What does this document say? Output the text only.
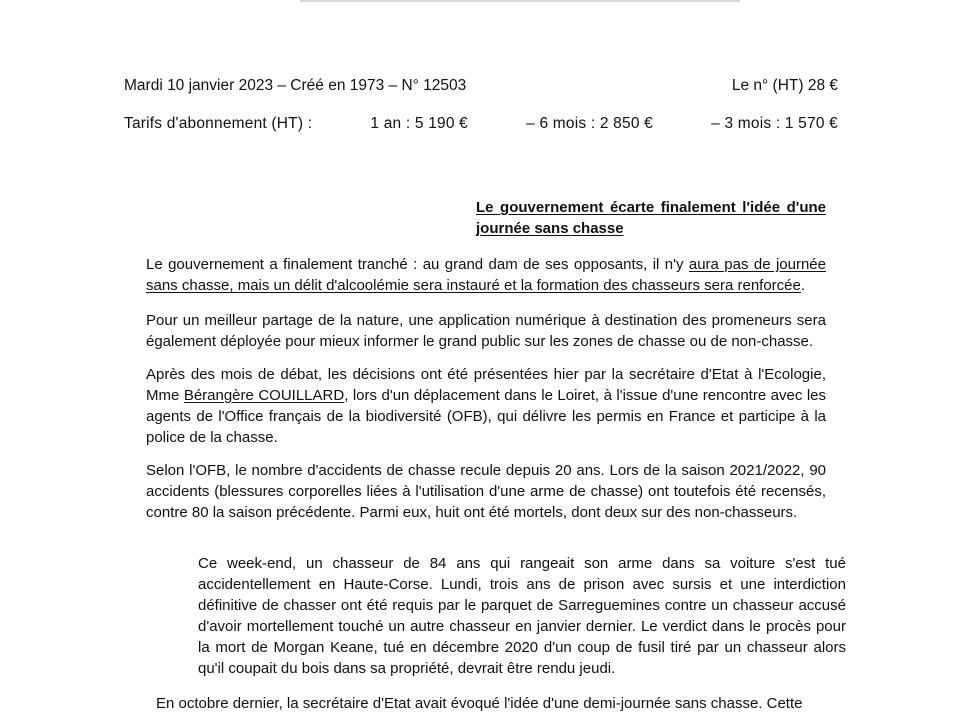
Mardi 10 janvier 2023 – Créé en 1973 – N° 12503	Le n° (HT) 28 €
Tarifs d'abonnement (HT) :	1 an : 5 190 €	– 6 mois : 2 850 €	– 3 mois : 1 570 €
Le gouvernement écarte finalement l'idée d'une journée sans chasse

Le gouvernement a finalement tranché : au grand dam de ses opposants, il n'y aura pas de journée sans chasse, mais un délit d'alcoolémie sera instauré et la formation des chasseurs sera renforcée.

Pour un meilleur partage de la nature, une application numérique à destination des promeneurs sera également déployée pour mieux informer le grand public sur les zones de chasse ou de non-chasse.

Après des mois de débat, les décisions ont été présentées hier par la secrétaire d'Etat à l'Ecologie, Mme Bérangère COUILLARD, lors d'un déplacement dans le Loiret, à l'issue d'une rencontre avec les agents de l'Office français de la biodiversité (OFB), qui délivre les permis en France et participe à la police de la chasse.

Selon l'OFB, le nombre d'accidents de chasse recule depuis 20 ans. Lors de la saison 2021/2022, 90 accidents (blessures corporelles liées à l'utilisation d'une arme de chasse) ont toutefois été recensés, contre 80 la saison précédente. Parmi eux, huit ont été mortels, dont deux sur des non-chasseurs.

Ce week-end, un chasseur de 84 ans qui rangeait son arme dans sa voiture s'est tué accidentellement en Haute-Corse. Lundi, trois ans de prison avec sursis et une interdiction définitive de chasser ont été requis par le parquet de Sarreguemines contre un chasseur accusé d'avoir mortellement touché un autre chasseur en janvier dernier. Le verdict dans le procès pour la mort de Morgan Keane, tué en décembre 2020 d'un coup de fusil tiré par un chasseur alors qu'il coupait du bois dans sa propriété, devrait être rendu jeudi.

En octobre dernier, la secrétaire d'Etat avait évoqué l'idée d'une demi-journée sans chasse. Cette
